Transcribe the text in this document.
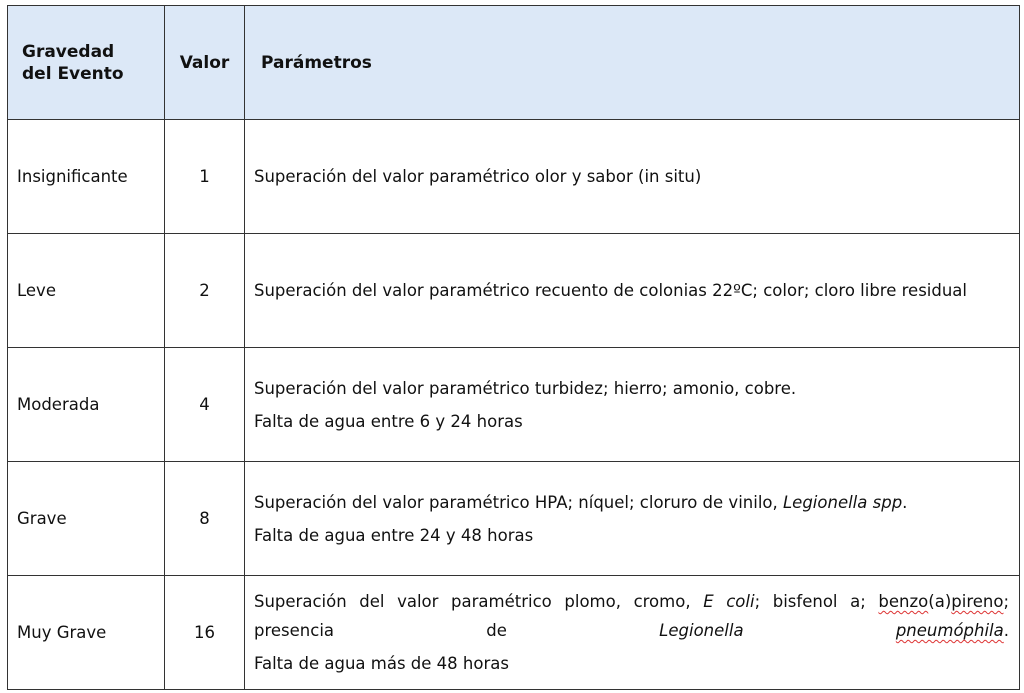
Gravedad del Evento	Valor	Parámetros
Insignificante	1	Superación del valor paramétrico olor y sabor (in situ)

Leve	2	Superación del valor paramétrico recuento de colonias 22ºC; color; cloro libre residual

Moderada	4	Superación del valor paramétrico turbidez; hierro; amonio, cobre.
Falta de agua entre 6 y 24 horas

Grave	8	Superación del valor paramétrico HPA; níquel; cloruro de vinilo, Legionella spp.
Falta de agua entre 24 y 48 horas

Muy Grave	16	Superación del valor paramétrico plomo, cromo, E coli; bisfenol a; benzo(a)pireno; presencia de Legionella pneumóphila.
Falta de agua más de 48 horas
